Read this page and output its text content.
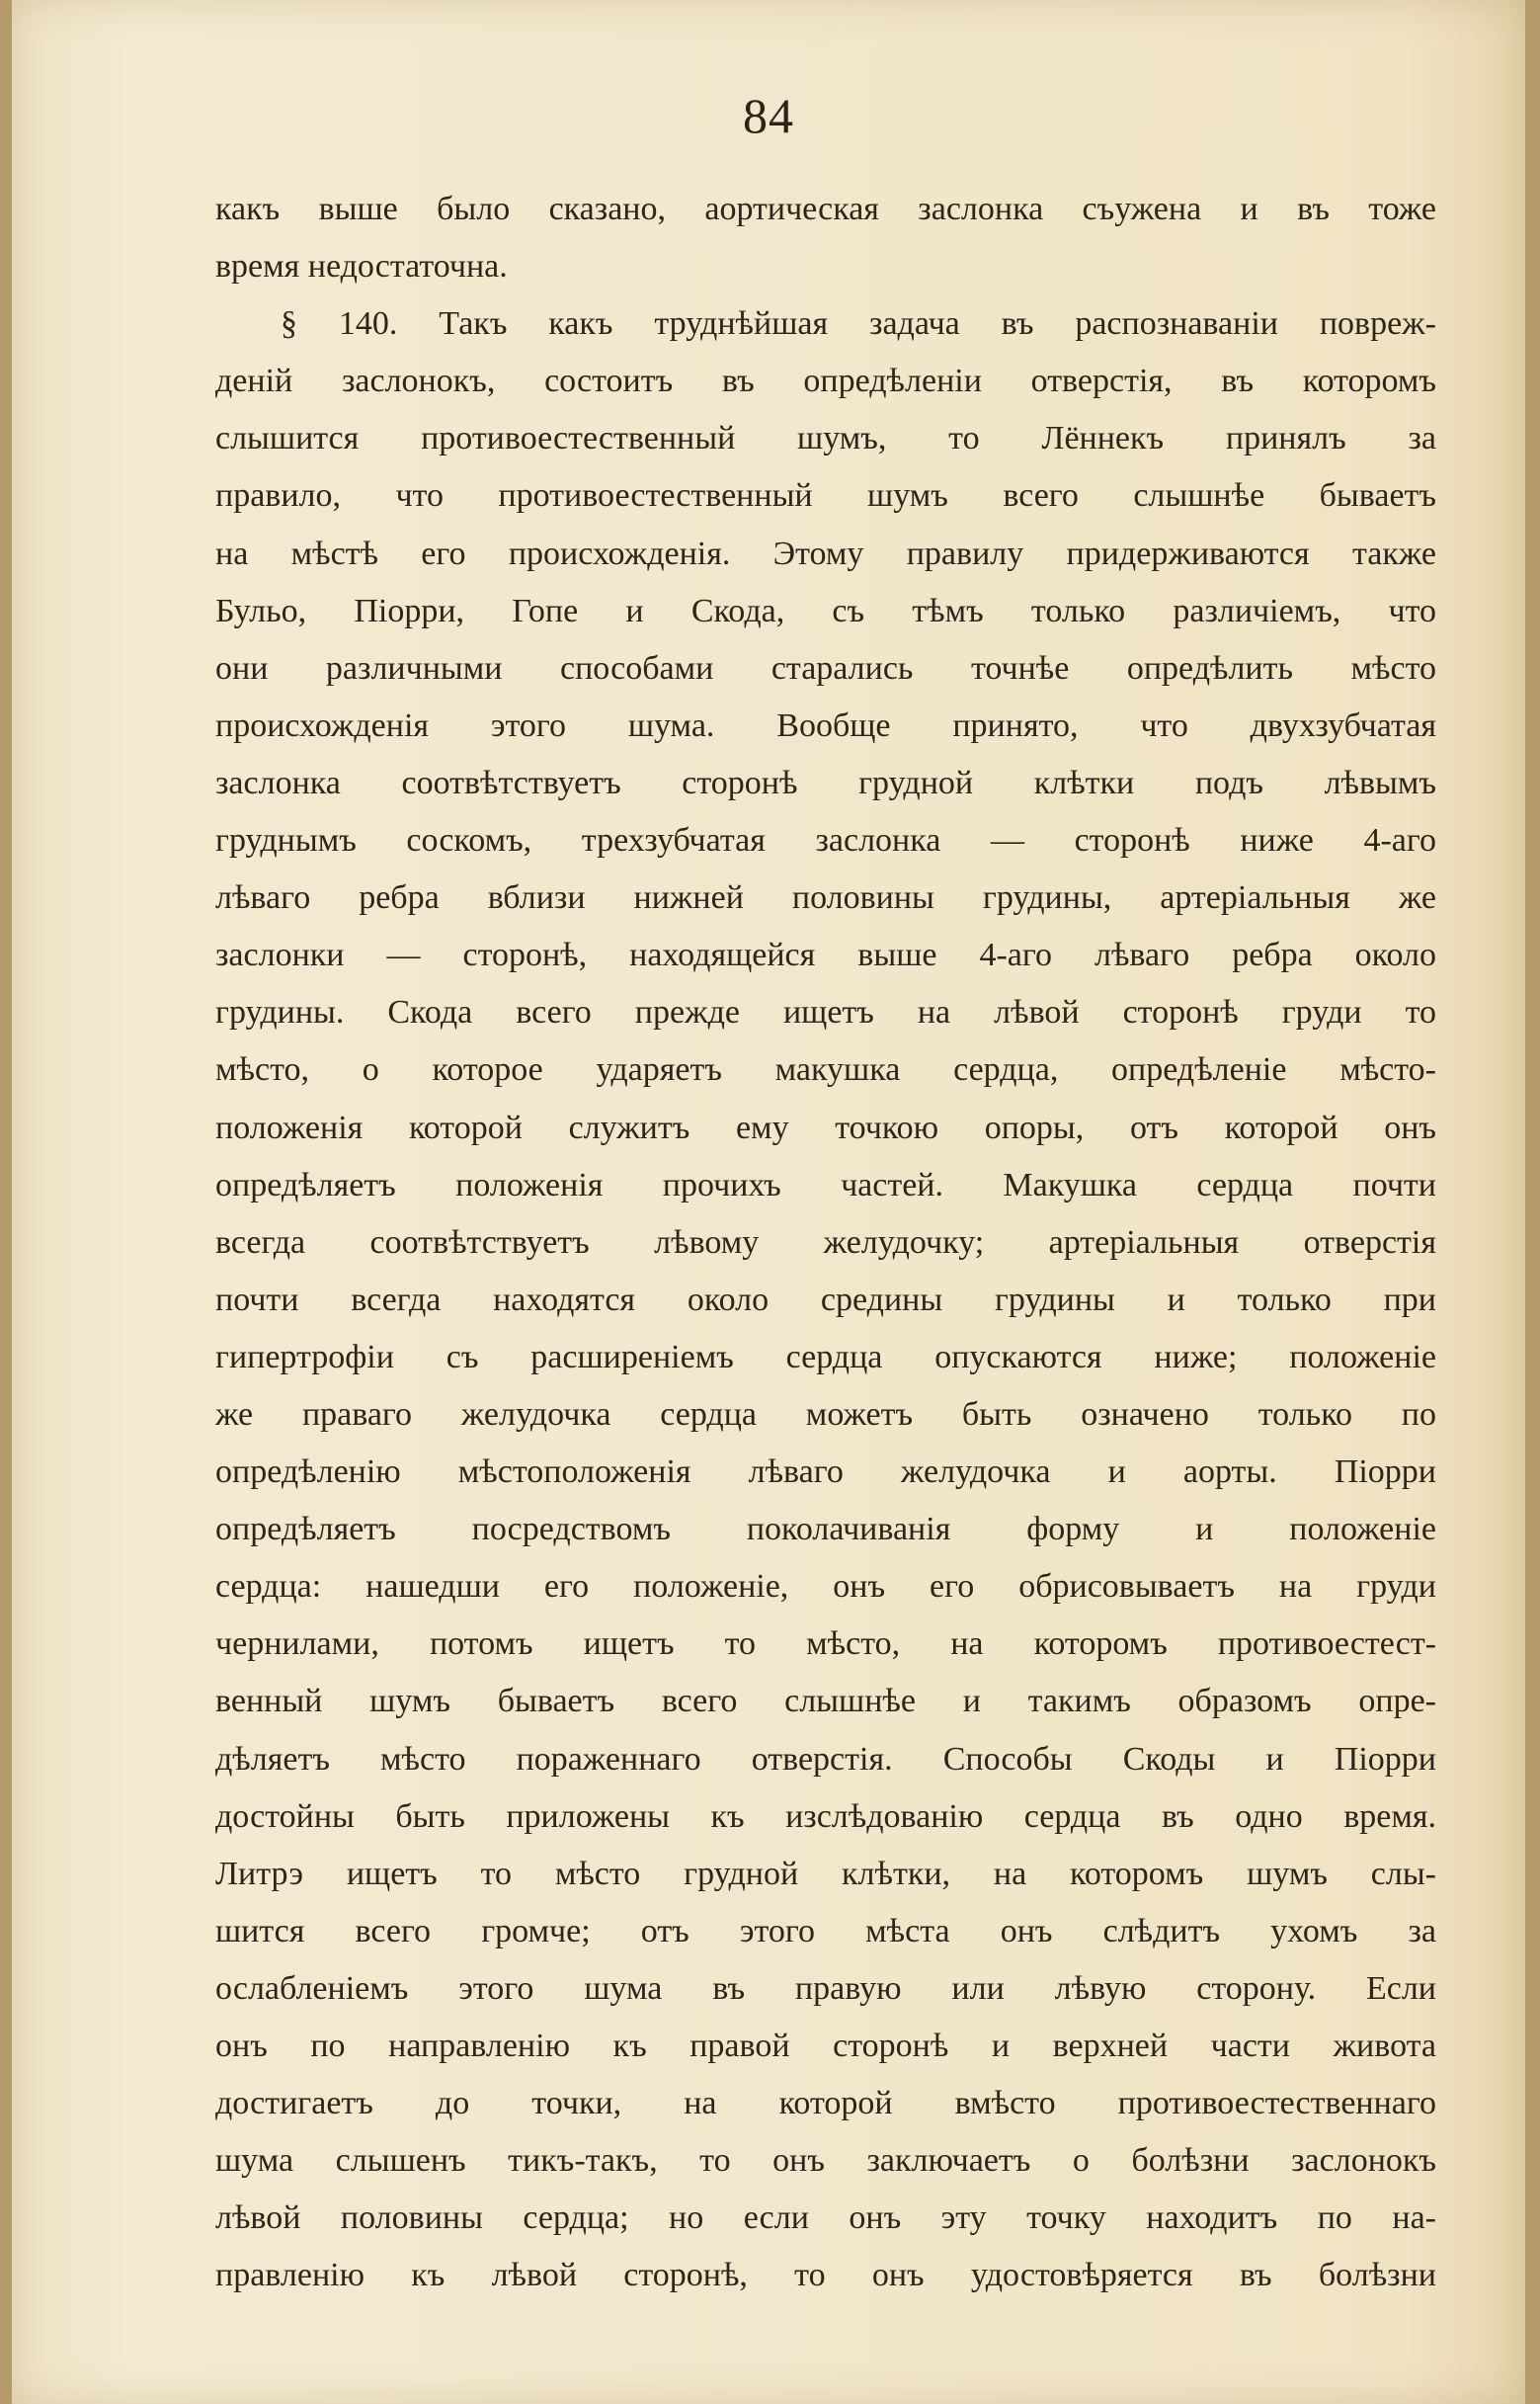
84
какъ выше было сказано, аортическая заслонка съужена и въ тоже
время недостаточна.
§ 140. Такъ какъ труднѣйшая задача въ распознаваніи повреж-
деній заслонокъ, состоитъ въ опредѣленіи отверстія, въ которомъ
слышится противоестественный шумъ, то Лённекъ принялъ за
правило, что противоестественный шумъ всего слышнѣе бываетъ
на мѣстѣ его происхожденія. Этому правилу придерживаются также
Бульо, Піорри, Гопе и Скода, съ тѣмъ только различіемъ, что
они различными способами старались точнѣе опредѣлить мѣсто
происхожденія этого шума. Вообще принято, что двухзубчатая
заслонка соотвѣтствуетъ сторонѣ грудной клѣтки подъ лѣвымъ
груднымъ соскомъ, трехзубчатая заслонка — сторонѣ ниже 4-аго
лѣваго ребра вблизи нижней половины грудины, артеріальныя же
заслонки — сторонѣ, находящейся выше 4-аго лѣваго ребра около
грудины. Скода всего прежде ищетъ на лѣвой сторонѣ груди то
мѣсто, о которое ударяетъ макушка сердца, опредѣленіе мѣсто-
положенія которой служитъ ему точкою опоры, отъ которой онъ
опредѣляетъ положенія прочихъ частей. Макушка сердца почти
всегда соотвѣтствуетъ лѣвому желудочку; артеріальныя отверстія
почти всегда находятся около средины грудины и только при
гипертрофіи съ расширеніемъ сердца опускаются ниже; положеніе
же праваго желудочка сердца можетъ быть означено только по
опредѣленію мѣстоположенія лѣваго желудочка и аорты. Піорри
опредѣляетъ посредствомъ поколачиванія форму и положеніе
сердца: нашедши его положеніе, онъ его обрисовываетъ на груди
чернилами, потомъ ищетъ то мѣсто, на которомъ противоестест-
венный шумъ бываетъ всего слышнѣе и такимъ образомъ опре-
дѣляетъ мѣсто пораженнаго отверстія. Способы Скоды и Піорри
достойны быть приложены къ изслѣдованію сердца въ одно время.
Литрэ ищетъ то мѣсто грудной клѣтки, на которомъ шумъ слы-
шится всего громче; отъ этого мѣста онъ слѣдитъ ухомъ за
ослабленіемъ этого шума въ правую или лѣвую сторону. Если
онъ по направленію къ правой сторонѣ и верхней части живота
достигаетъ до точки, на которой вмѣсто противоестественнаго
шума слышенъ тикъ-такъ, то онъ заключаетъ о болѣзни заслонокъ
лѣвой половины сердца; но если онъ эту точку находитъ по на-
правленію къ лѣвой сторонѣ, то онъ удостовѣряется въ болѣзни
